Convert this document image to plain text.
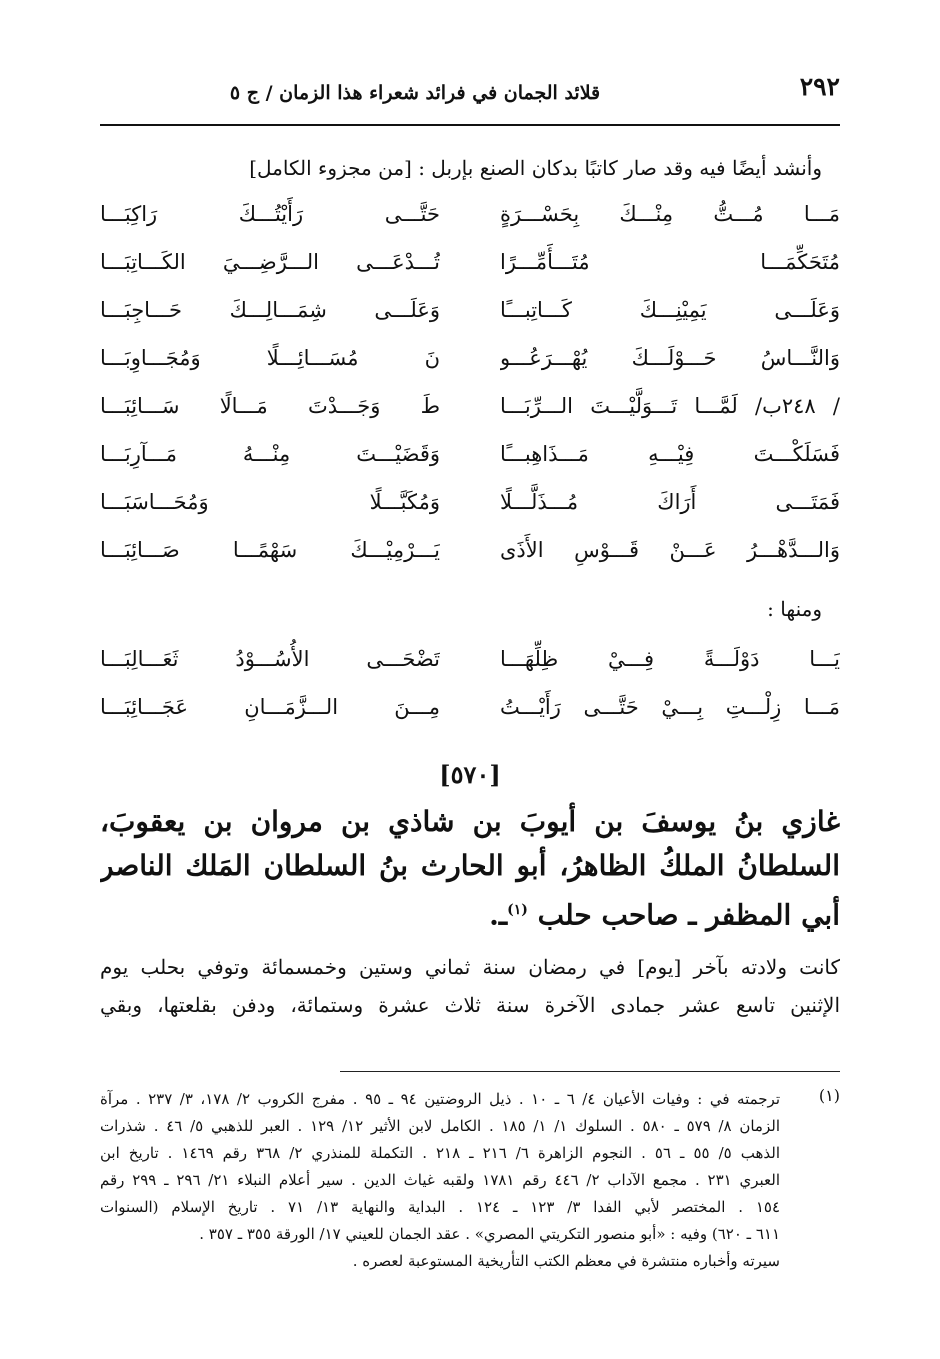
٢٩٢
قلائد الجمان في فرائد شعراء هذا الزمان / ج ٥
وأنشد أيضًا فيه وقد صار كاتبًا بدكان الصنع بإربل : [من مجزوء الكامل]
مَـــا مُـــتُّ مِنْـــكَ بِحَسْـــرَةٍ
حَتَّـــى رَأَيْتُـــكَ رَاكِبَـــا
مُتَحَكِّمَـــا مُتَـــأَمِّـــرًا
تُـــدْعَـــى الـــرَّضِـــيَ الكَـــاتِبَـــا
وَعَلَـــى يَمِيْنِـــكَ كَـــاتِبـــًا
وَعَلَـــى شِمَـــالِـــكَ حَـــاجِبَـــا
وَالنَّـــاسُ حَـــوْلَـــكَ يُهْـــرَعُـــو
نَ مُسَـــائِـــلًا وَمُجَـــاوِبَـــا
/ ٢٤٨ب/ لَمَّـــا تَـــوَلَّيْـــتَ الـــرِّبَـــا
طَ وَجَـــدْتَ مَـــالًا سَـــائِبَـــا
فَسَلَكْـــتَ فِيْـــهِ مَـــذَاهِبـــًا
وَقَضَيْـــتَ مِنْـــهُ مَـــآرِبَـــا
فَمَتَـــى أَرَاكَ مُـــذَلَّـــلًا
وَمُكَبَّـــلًا وَمُحَـــاسَبَـــا
وَالـــدَّهْـــرُ عَـــنْ قَـــوْسِ الأَذَى
يَـــرْمِيْـــكَ سَهْمًـــا صَـــائِبَـــا
ومنها :
يَـــا دَوْلَـــةً فِـــيْ ظِلِّهَـــا
تَضْحَـــى الأُسُـــوْدُ ثَعَـــالِبَـــا
مَـــا زِلْـــتِ بِـــيْ حَتَّـــى رَأَيْـــتُ
مِـــنَ الـــزَّمَـــانِ عَجَـــائِبَـــا
[٥٧٠]
غازي بنُ يوسفَ بن أيوبَ بن شاذي بن مروان بن يعقوبَ،
السلطانُ الملكُ الظاهرُ، أبو الحارث بنُ السلطان المَلك الناصر
أبي المظفر ـ صاحب حلب $^{(١)}$ـ.
كانت ولادته بآخر [يوم] في رمضان سنة ثماني وستين وخمسمائة وتوفي بحلب يوم
الإثنين تاسع عشر جمادى الآخرة سنة ثلاث عشرة وستمائة، ودفن بقلعتها، وبقي
(١)
ترجمته في : وفيات الأعيان ٤/ ٦ ـ ١٠ . ذيل الروضتين ٩٤ ـ ٩٥ . مفرج الكروب ٢/ ١٧٨، ٣/ ٢٣٧ . مرآة
الزمان ٨/ ٥٧٩ ـ ٥٨٠ . السلوك ١/ ١/ ١٨٥ . الكامل لابن الأثير ١٢/ ١٢٩ . العبر للذهبي ٥/ ٤٦ . شذرات
الذهب ٥/ ٥٥ ـ ٥٦ . النجوم الزاهرة ٦/ ٢١٦ ـ ٢١٨ . التكملة للمنذري ٢/ ٣٦٨ رقم ١٤٦٩ . تاريخ ابن
العبري ٢٣١ . مجمع الآداب ٢/ ٤٤٦ رقم ١٧٨١ ولقبه غياث الدين . سير أعلام النبلاء ٢١/ ٢٩٦ ـ ٢٩٩ رقم
١٥٤ . المختصر لأبي الفدا ٣/ ١٢٣ ـ ١٢٤ . البداية والنهاية ١٣/ ٧١ . تاريخ الإسلام (السنوات
٦١١ ـ ٦٢٠) وفيه : «أبو منصور التكريتي المصري» . عقد الجمان للعيني ١٧/ الورقة ٣٥٥ ـ ٣٥٧ .
سيرته وأخباره منتشرة في معظم الكتب التأريخية المستوعبة لعصره .
